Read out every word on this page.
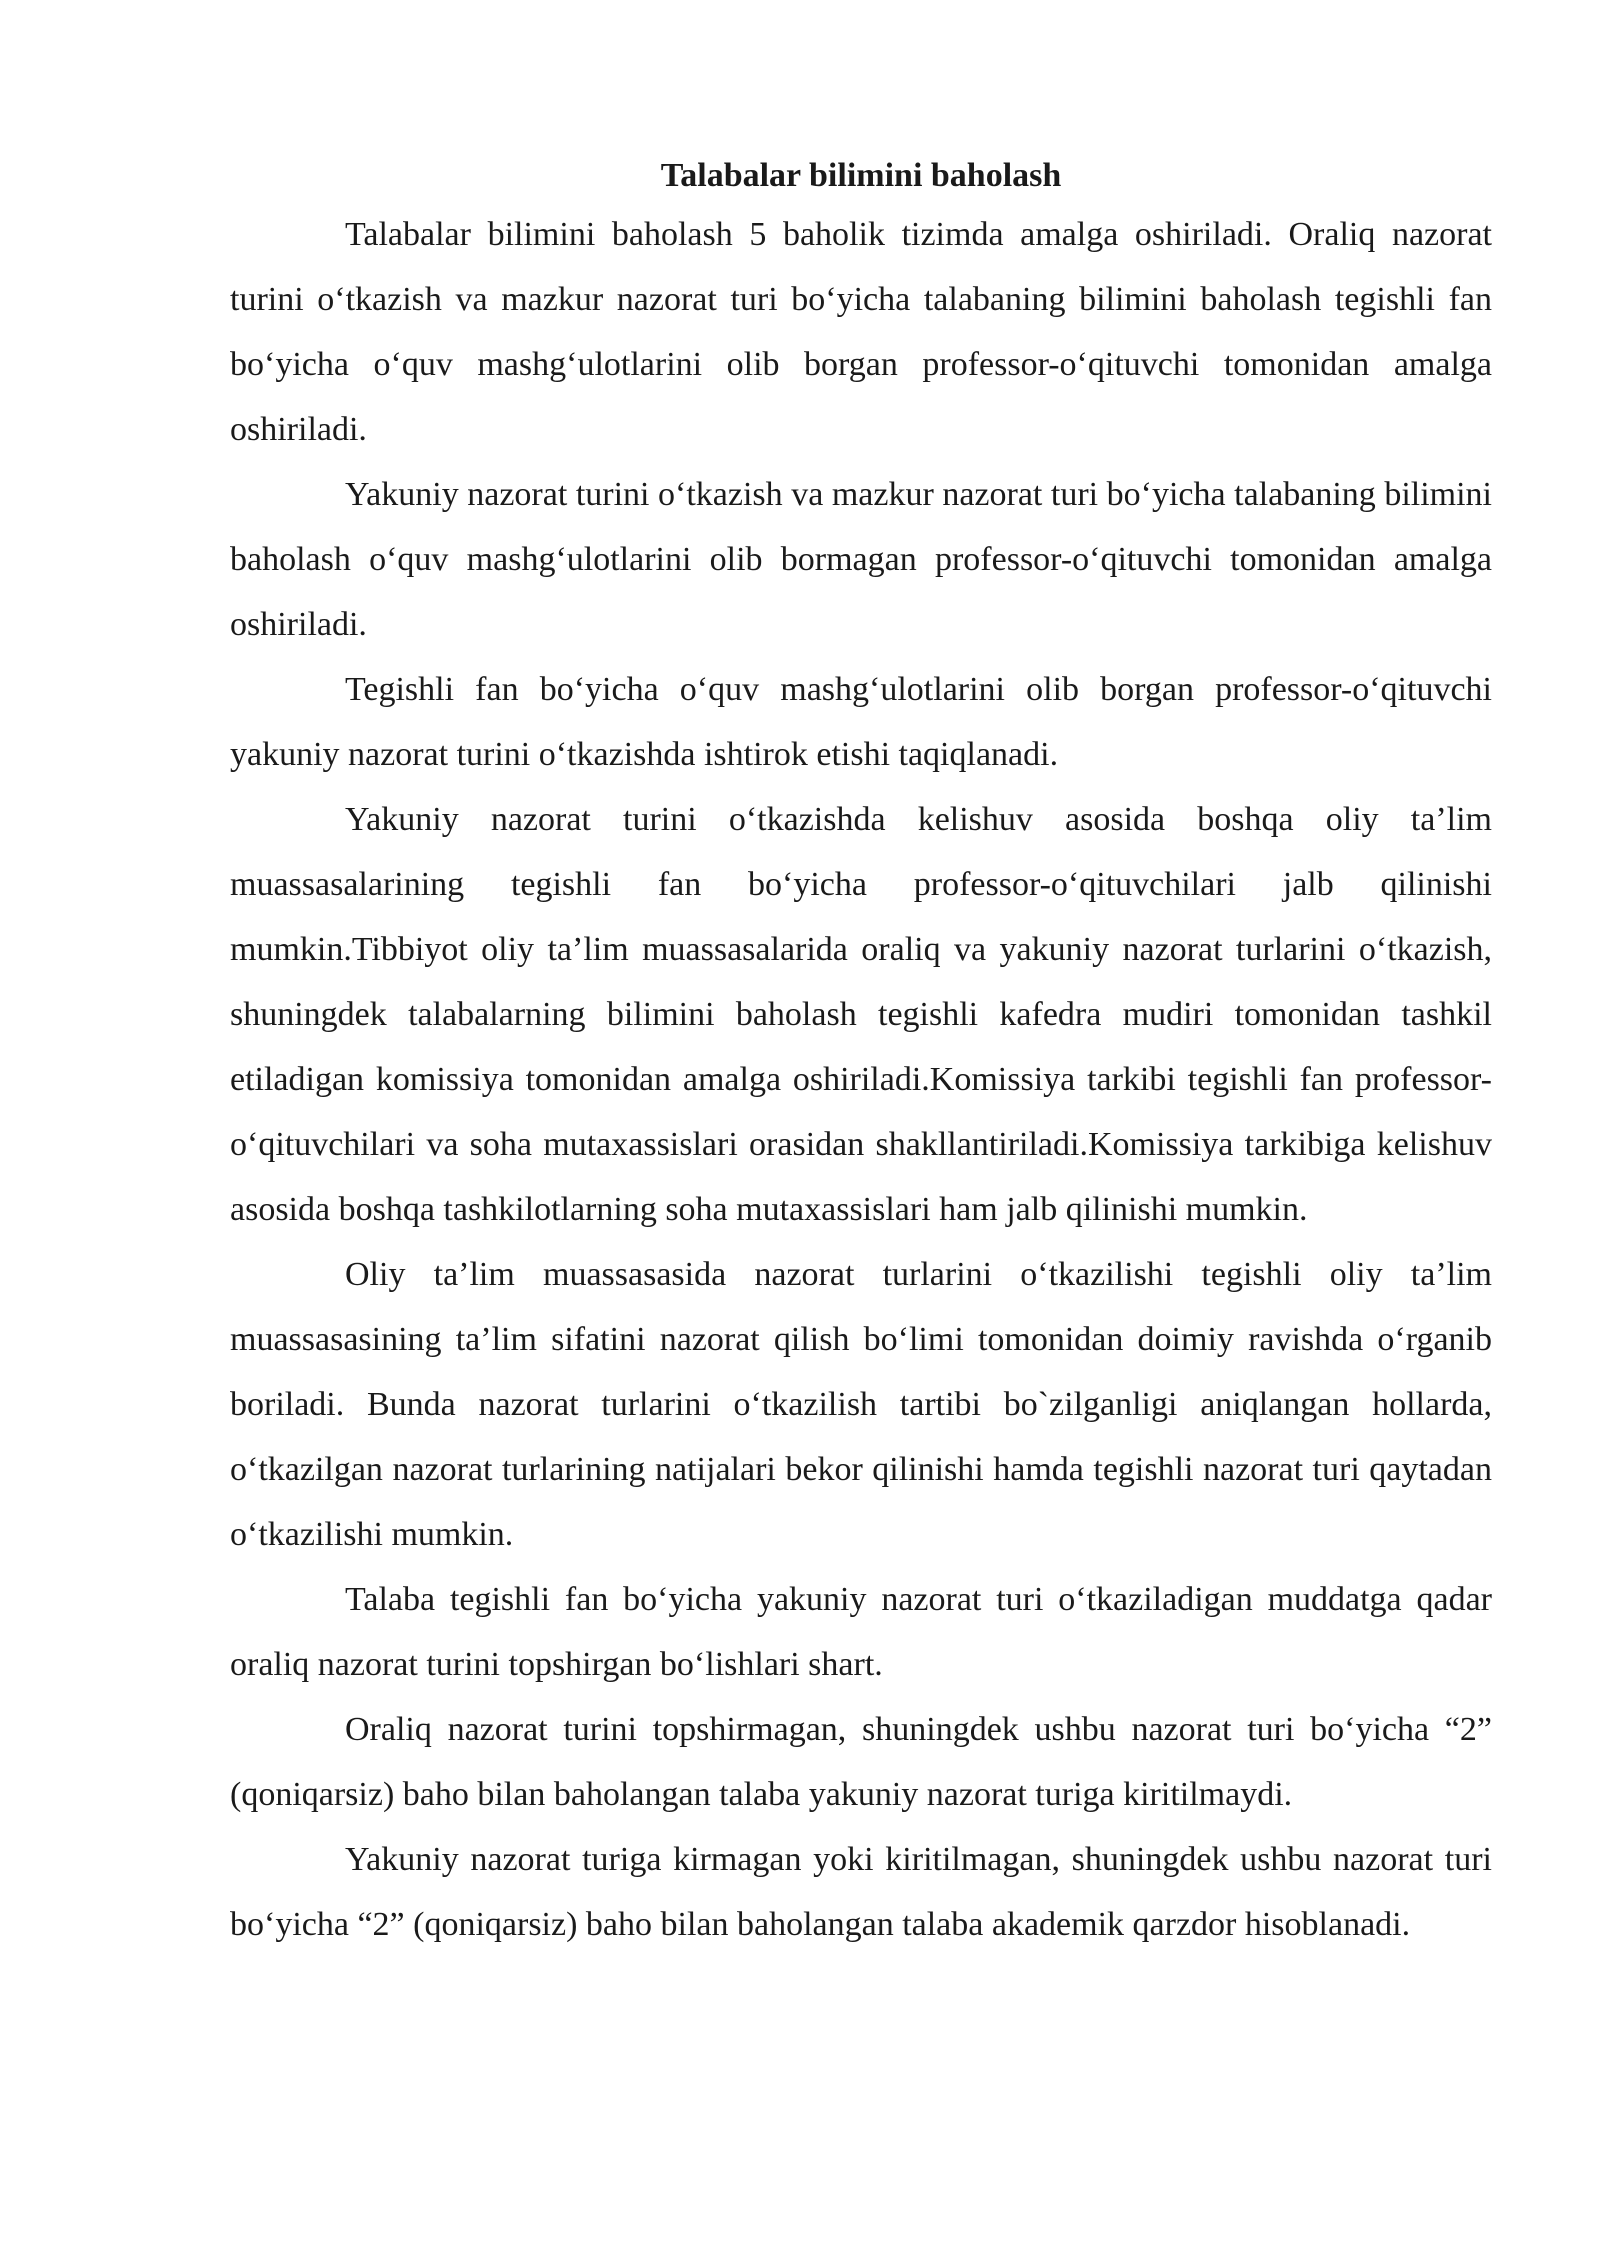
Talabalar bilimini baholash

Talabalar bilimini baholash 5 baholik tizimda amalga oshiriladi. Oraliq nazorat turini o‘tkazish va mazkur nazorat turi bo‘yicha talabaning bilimini baholash tegishli fan bo‘yicha o‘quv mashg‘ulotlarini olib borgan professor-o‘qituvchi tomonidan amalga oshiriladi.

Yakuniy nazorat turini o‘tkazish va mazkur nazorat turi bo‘yicha talabaning bilimini baholash o‘quv mashg‘ulotlarini olib bormagan professor-o‘qituvchi tomonidan amalga oshiriladi.

Tegishli fan bo‘yicha o‘quv mashg‘ulotlarini olib borgan professor-o‘qituvchi yakuniy nazorat turini o‘tkazishda ishtirok etishi taqiqlanadi.

Yakuniy nazorat turini o‘tkazishda kelishuv asosida boshqa oliy ta’lim muassasalarining tegishli fan bo‘yicha professor-o‘qituvchilari jalb qilinishi mumkin.Tibbiyot oliy ta’lim muassasalarida oraliq va yakuniy nazorat turlarini o‘tkazish, shuningdek talabalarning bilimini baholash tegishli kafedra mudiri tomonidan tashkil etiladigan komissiya tomonidan amalga oshiriladi.Komissiya tarkibi tegishli fan professor-o‘qituvchilari va soha mutaxassislari orasidan shakllantiriladi.Komissiya tarkibiga kelishuv asosida boshqa tashkilotlarning soha mutaxassislari ham jalb qilinishi mumkin.

Oliy ta’lim muassasasida nazorat turlarini o‘tkazilishi tegishli oliy ta’lim muassasasining ta’lim sifatini nazorat qilish bo‘limi tomonidan doimiy ravishda o‘rganib boriladi. Bunda nazorat turlarini o‘tkazilish tartibi bo`zilganligi aniqlangan hollarda, o‘tkazilgan nazorat turlarining natijalari bekor qilinishi hamda tegishli nazorat turi qaytadan o‘tkazilishi mumkin.

Talaba tegishli fan bo‘yicha yakuniy nazorat turi o‘tkaziladigan muddatga qadar oraliq nazorat turini topshirgan bo‘lishlari shart.

Oraliq nazorat turini topshirmagan, shuningdek ushbu nazorat turi bo‘yicha “2” (qoniqarsiz) baho bilan baholangan talaba yakuniy nazorat turiga kiritilmaydi.

Yakuniy nazorat turiga kirmagan yoki kiritilmagan, shuningdek ushbu nazorat turi bo‘yicha “2” (qoniqarsiz) baho bilan baholangan talaba akademik qarzdor hisoblanadi.
